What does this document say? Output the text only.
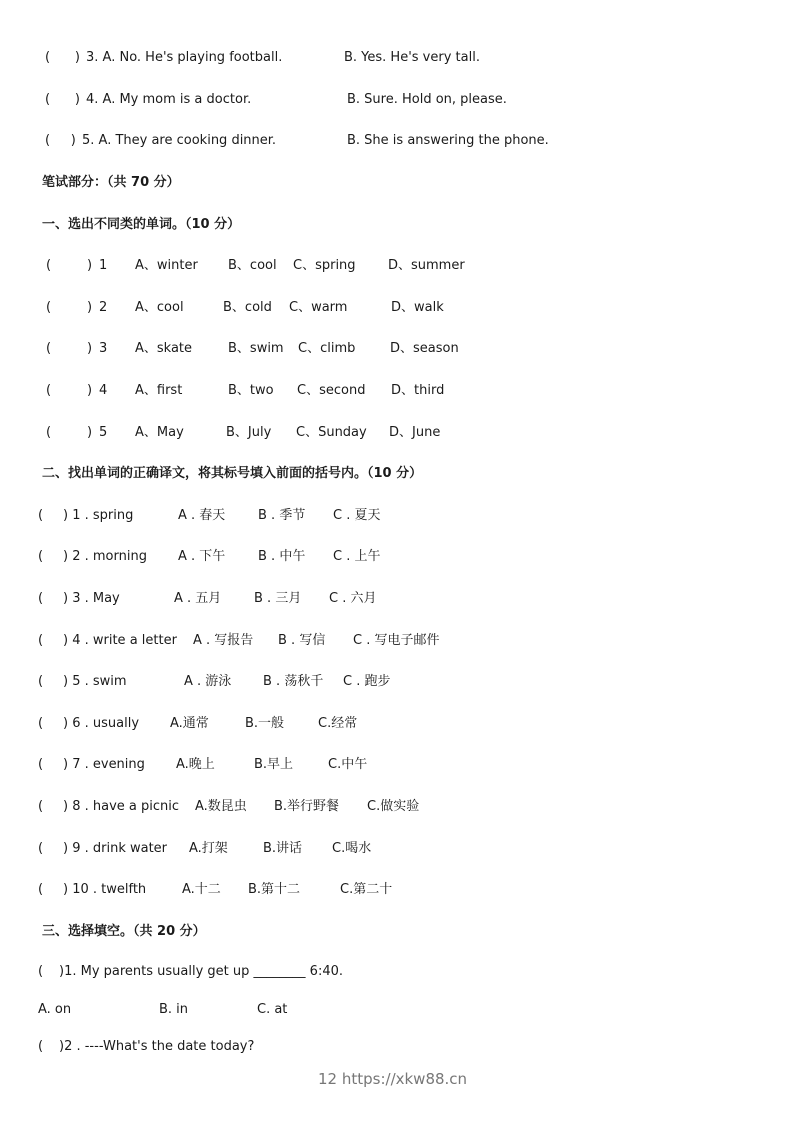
(      ) 3. A. No. He's playing football.	B. Yes. He's very tall.
(      ) 4. A. My mom is a doctor.	B. Sure. Hold on, please.
(     ) 5. A. They are cooking dinner.	B. She is answering the phone.
笔试部分：（共 70 分）
一、选出不同类的单词。（10 分）
(	) 1 A、winter B、cool C、spring D、summer
(	) 2 A、cool	B、cold C、warm	D、walk
(	) 3 A、skate	B、swim C、climb	D、season
(	) 4 A、first	B、two C、second D、third
(	) 5 A、May	B、July C、Sunday D、June
二、找出单词的正确译文，将其标号填入前面的括号内。（10 分）
( ) 1 . spring	A . 春天	B . 季节 C . 夏天
( ) 2 . morning A . 下午	B . 中午 C . 上午
( ) 3 . May	A . 五月	B . 三月 C . 六月
( ) 4 . write a letter A . 写报告 B . 写信 C . 写电子邮件
( ) 5 . swim	A . 游泳 B . 荡秋千 C . 跑步
( ) 6 . usually A.通常	B.一般	C.经常
( ) 7 . evening A.晚上	B.早上	C.中午
( ) 8 . have a picnic A.数昆虫 B.举行野餐 C.做实验
( ) 9 . drink water A.打架	B.讲话 C.喝水
( ) 10 . twelfth	A.十二 B.第十二	C.第二十
三、选择填空。（共 20 分）
( )1. My parents usually get up ________ 6:40.
A. on	B. in	C. at
( )2 . ----What's the date today?
12 https://xkw88.cn
